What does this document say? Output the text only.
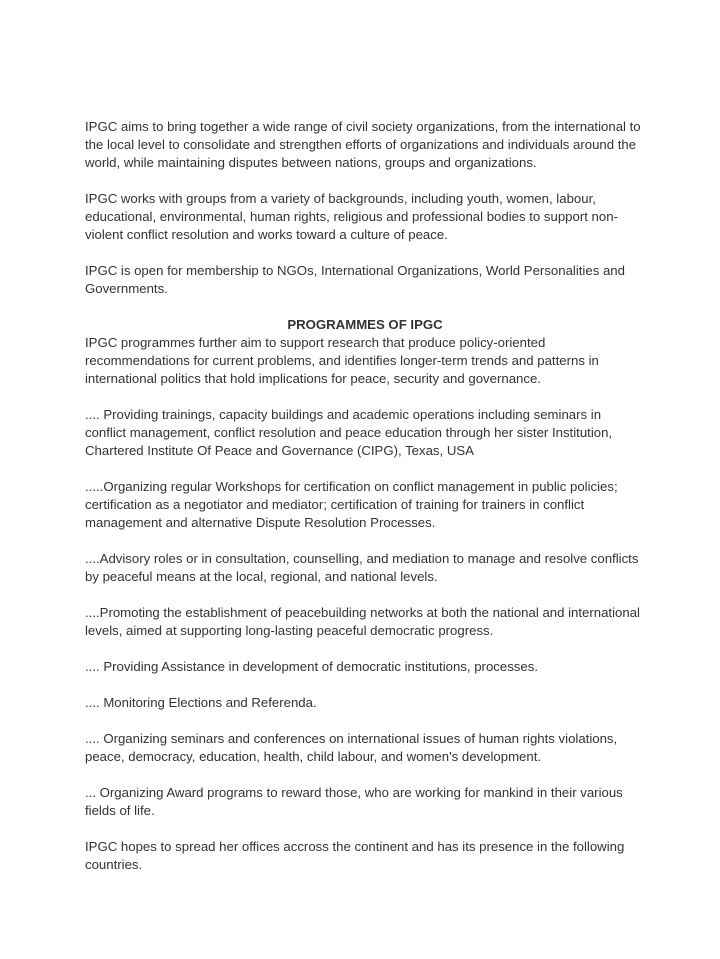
IPGC aims to bring together a wide range of civil society organizations, from the international to the local level to consolidate and strengthen efforts of organizations and individuals around the world, while maintaining disputes between nations, groups and organizations.

IPGC works with groups from a variety of backgrounds, including youth, women, labour, educational, environmental, human rights, religious and professional bodies to support non-violent conflict resolution and works toward a culture of peace.

IPGC is open for membership to NGOs, International Organizations, World Personalities and Governments.

PROGRAMMES OF IPGC

IPGC programmes further aim to support research that produce policy-oriented recommendations for current problems, and identifies longer-term trends and patterns in international politics that hold implications for peace, security and governance.

.... Providing trainings, capacity buildings and academic operations including seminars in conflict management, conflict resolution and peace education through her sister Institution, Chartered Institute Of Peace and Governance (CIPG), Texas, USA

.....Organizing regular Workshops for certification on conflict management in public policies; certification as a negotiator and mediator; certification of training for trainers in conflict management and alternative Dispute Resolution Processes.

....Advisory roles or in consultation, counselling, and mediation to manage and resolve conflicts by peaceful means at the local, regional, and national levels.

....Promoting the establishment of peacebuilding networks at both the national and international levels, aimed at supporting long-lasting peaceful democratic progress.

.... Providing Assistance in development of democratic institutions, processes.

.... Monitoring Elections and Referenda.

.... Organizing seminars and conferences on international issues of human rights violations, peace, democracy, education, health, child labour, and women's development.

... Organizing Award programs to reward those, who are working for mankind in their various fields of life.

IPGC hopes to spread her offices accross the continent and has its presence in the following countries.
